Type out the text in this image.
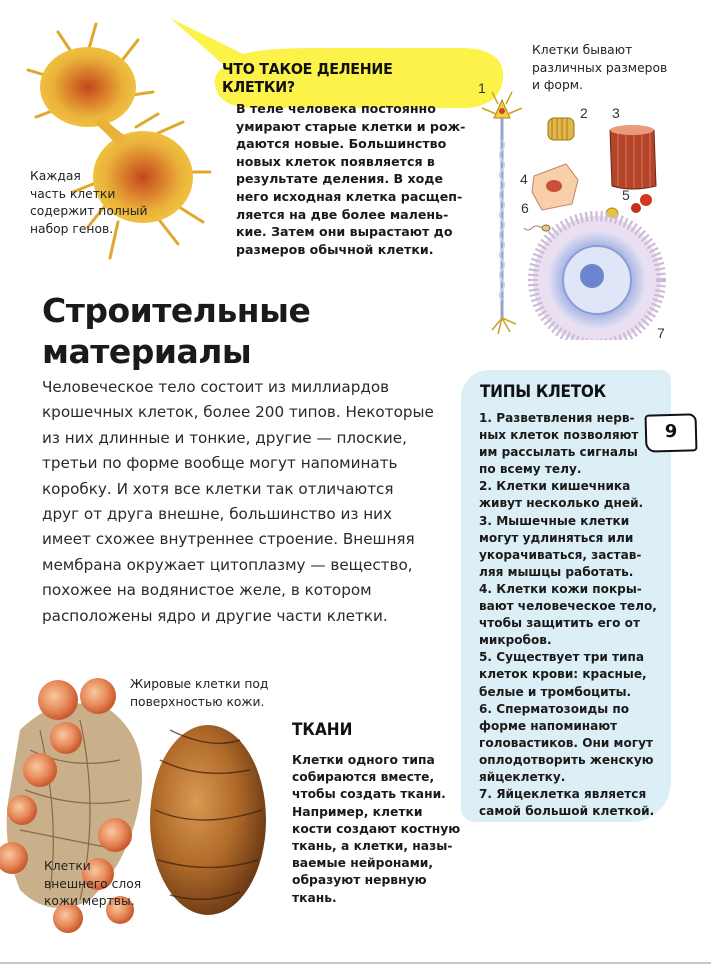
ЧТО ТАКОЕ ДЕЛЕНИЕ КЛЕТКИ?
В теле человека постоянно
умирают старые клетки и рож-
даются новые. Большинство
новых клеток появляется в
результате деления. В ходе
него исходная клетка расщеп-
ляется на две более малень-
кие. Затем они вырастают до
размеров обычной клетки.
Каждая
часть клетки
содержит полный
набор генов.
Клетки бывают
различных размеров
и форм.
1
2 3
4
5
6
7
Строительные
материалы
Человеческое тело состоит из миллиардов
крошечных клеток, более 200 типов. Некоторые
из них длинные и тонкие, другие — плоские,
третьи по форме вообще могут напоминать
коробку. И хотя все клетки так отличаются
друг от друга внешне, большинство из них
имеет схожее внутреннее строение. Внешняя
мембрана окружает цитоплазму — вещество,
похожее на водянистое желе, в котором
расположены ядро и другие части клетки.
ТИПЫ КЛЕТОК
1. Разветвления нерв-
ных клеток позволяют
им рассылать сигналы
по всему телу.
2. Клетки кишечника
живут несколько дней.
3. Мышечные клетки
могут удлиняться или
укорачиваться, застав-
ляя мышцы работать.
4. Клетки кожи покры-
вают человеческое тело,
чтобы защитить его от
микробов.
5. Существует три типа
клеток крови: красные,
белые и тромбоциты.
6. Сперматозоиды по
форме напоминают
головастиков. Они могут
оплодотворить женскую
яйцеклетку.
7. Яйцеклетка является
самой большой клеткой.
9
Жировые клетки под
поверхностью кожи.
Клетки
внешнего слоя
кожи мертвы.
ТКАНИ
Клетки одного типа
собираются вместе,
чтобы создать ткани.
Например, клетки
кости создают костную
ткань, а клетки, назы-
ваемые нейронами,
образуют нервную
ткань.
